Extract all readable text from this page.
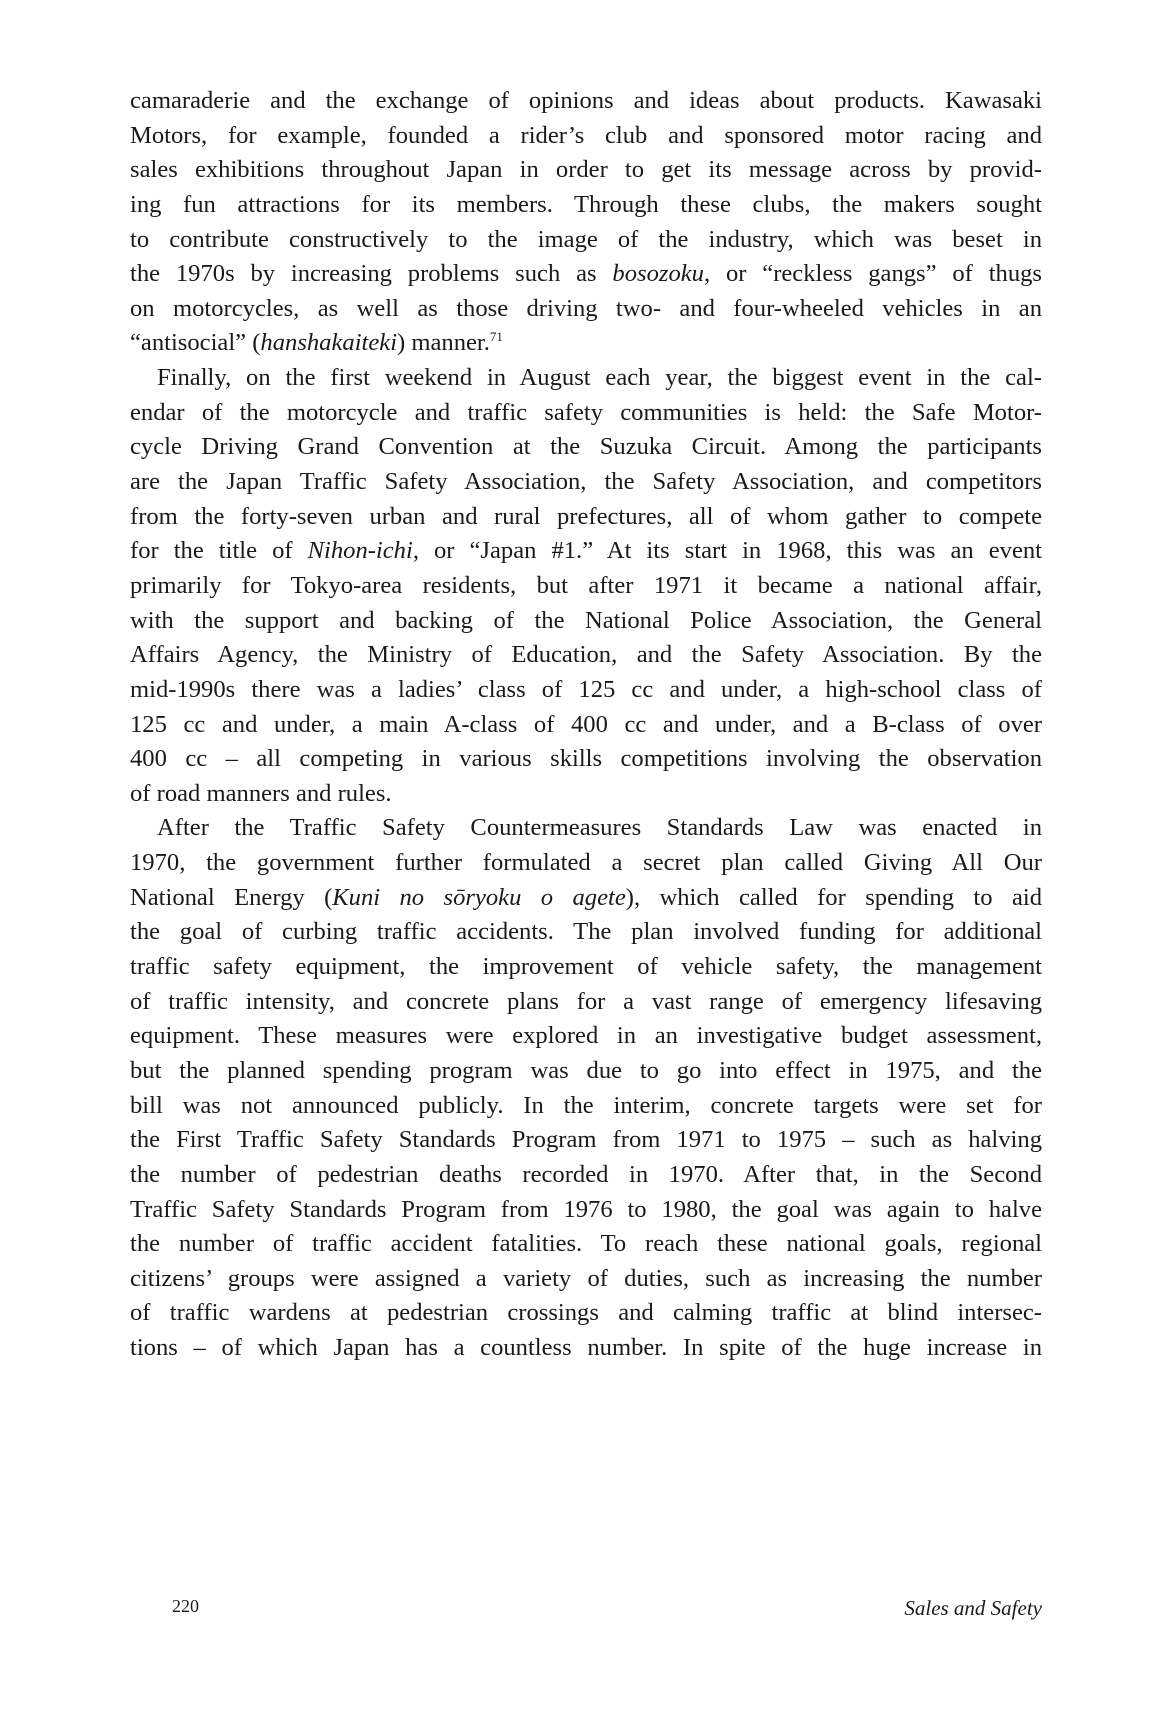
camaraderie and the exchange of opinions and ideas about products. Kawasaki
Motors, for example, founded a rider’s club and sponsored motor racing and
sales exhibitions throughout Japan in order to get its message across by provid-
ing fun attractions for its members. Through these clubs, the makers sought
to contribute constructively to the image of the industry, which was beset in
the 1970s by increasing problems such as bosozoku, or “reckless gangs” of thugs
on motorcycles, as well as those driving two- and four-wheeled vehicles in an
“antisocial” (hanshakaiteki) manner.$^{71}$
Finally, on the first weekend in August each year, the biggest event in the cal-
endar of the motorcycle and traffic safety communities is held: the Safe Motor-
cycle Driving Grand Convention at the Suzuka Circuit. Among the participants
are the Japan Traffic Safety Association, the Safety Association, and competitors
from the forty-seven urban and rural prefectures, all of whom gather to compete
for the title of Nihon-ichi, or “Japan #1.” At its start in 1968, this was an event
primarily for Tokyo-area residents, but after 1971 it became a national affair,
with the support and backing of the National Police Association, the General
Affairs Agency, the Ministry of Education, and the Safety Association. By the
mid-1990s there was a ladies’ class of 125 cc and under, a high-school class of
125 cc and under, a main A-class of 400 cc and under, and a B-class of over
400 cc – all competing in various skills competitions involving the observation
of road manners and rules.
After the Traffic Safety Countermeasures Standards Law was enacted in
1970, the government further formulated a secret plan called Giving All Our
National Energy (Kuni no sōryoku o agete), which called for spending to aid
the goal of curbing traffic accidents. The plan involved funding for additional
traffic safety equipment, the improvement of vehicle safety, the management
of traffic intensity, and concrete plans for a vast range of emergency lifesaving
equipment. These measures were explored in an investigative budget assessment,
but the planned spending program was due to go into effect in 1975, and the
bill was not announced publicly. In the interim, concrete targets were set for
the First Traffic Safety Standards Program from 1971 to 1975 – such as halving
the number of pedestrian deaths recorded in 1970. After that, in the Second
Traffic Safety Standards Program from 1976 to 1980, the goal was again to halve
the number of traffic accident fatalities. To reach these national goals, regional
citizens’ groups were assigned a variety of duties, such as increasing the number
of traffic wardens at pedestrian crossings and calming traffic at blind intersec-
tions – of which Japan has a countless number. In spite of the huge increase in
220	Sales and Safety
